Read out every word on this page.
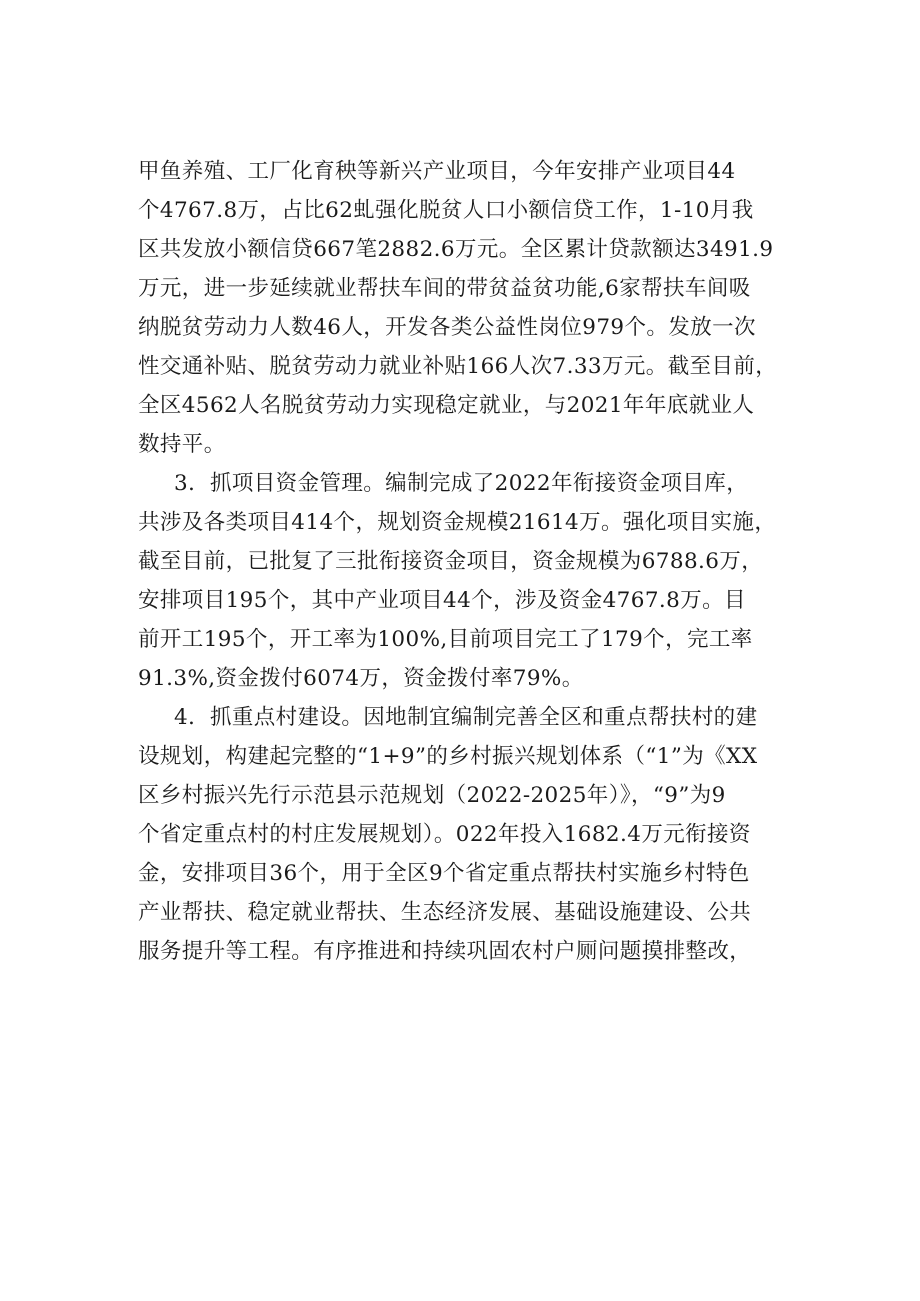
甲鱼养殖、工厂化育秧等新兴产业项目，今年安排产业项目44
个4767.8万，占比62虬强化脱贫人口小额信贷工作，1-10月我
区共发放小额信贷667笔2882.6万元。全区累计贷款额达3491.9
万元，进一步延续就业帮扶车间的带贫益贫功能,6家帮扶车间吸
纳脱贫劳动力人数46人，开发各类公益性岗位979个。发放一次
性交通补贴、脱贫劳动力就业补贴166人次7.33万元。截至目前，
全区4562人名脱贫劳动力实现稳定就业，与2021年年底就业人
数持平。
3．抓项目资金管理。编制完成了2022年衔接资金项目库，
共涉及各类项目414个，规划资金规模21614万。强化项目实施，
截至目前，已批复了三批衔接资金项目，资金规模为6788.6万，
安排项目195个，其中产业项目44个，涉及资金4767.8万。目
前开工195个，开工率为100%,目前项目完工了179个，完工率
91.3%,资金拨付6074万，资金拨付率79%。
4．抓重点村建设。因地制宜编制完善全区和重点帮扶村的建
设规划，构建起完整的“1+9”的乡村振兴规划体系（“1”为《XX
区乡村振兴先行示范县示范规划（2022-2025年）》，“9”为9
个省定重点村的村庄发展规划）。022年投入1682.4万元衔接资
金，安排项目36个，用于全区9个省定重点帮扶村实施乡村特色
产业帮扶、稳定就业帮扶、生态经济发展、基础设施建设、公共
服务提升等工程。有序推进和持续巩固农村户厕问题摸排整改，
